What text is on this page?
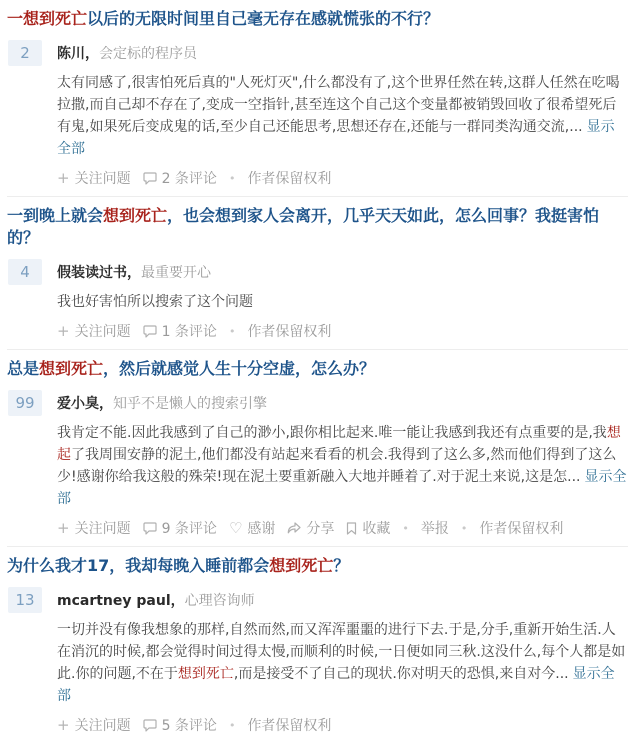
一想到死亡以后的无限时间里自己毫无存在感就慌张的不行？
2	陈川，会定标的程序员

太有同感了,很害怕死后真的"人死灯灭",什么都没有了,这个世界任然在转,这群人任然在吃喝拉撒,而自己却不存在了,变成一空指针,甚至连这个自己这个变量都被销毁回收了很希望死后有鬼,如果死后变成鬼的话,至少自己还能思考,思想还存在,还能与一群同类沟通交流,... 显示全部

+ 关注问题 2 条评论 • 作者保留权利
一到晚上就会想到死亡，也会想到家人会离开，几乎天天如此，怎么回事？我挺害怕的？
4	假装读过书，最重要开心

我也好害怕所以搜索了这个问题

+ 关注问题 1 条评论 • 作者保留权利
总是想到死亡，然后就感觉人生十分空虚，怎么办？
99	爱小臭，知乎不是懒人的搜索引擎

我肯定不能.因此我感到了自己的渺小,跟你相比起来.唯一能让我感到我还有点重要的是,我想起了我周围安静的泥土,他们都没有站起来看看的机会.我得到了这么多,然而他们得到了这么少!感谢你给我这般的殊荣!现在泥土要重新融入大地并睡着了.对于泥土来说,这是怎... 显示全部

+ 关注问题 9 条评论 ♡ 感谢 分享 收藏 • 举报 • 作者保留权利
为什么我才17，我却每晚入睡前都会想到死亡？
13	mcartney paul，心理咨询师

一切并没有像我想象的那样,自然而然,而又浑浑噩噩的进行下去.于是,分手,重新开始生活.人在消沉的时候,都会觉得时间过得太慢,而顺利的时候,一日便如同三秋.这没什么,每个人都是如此.你的问题,不在于想到死亡,而是接受不了自己的现状.你对明天的恐惧,来自对今... 显示全部

+ 关注问题 5 条评论 • 作者保留权利
